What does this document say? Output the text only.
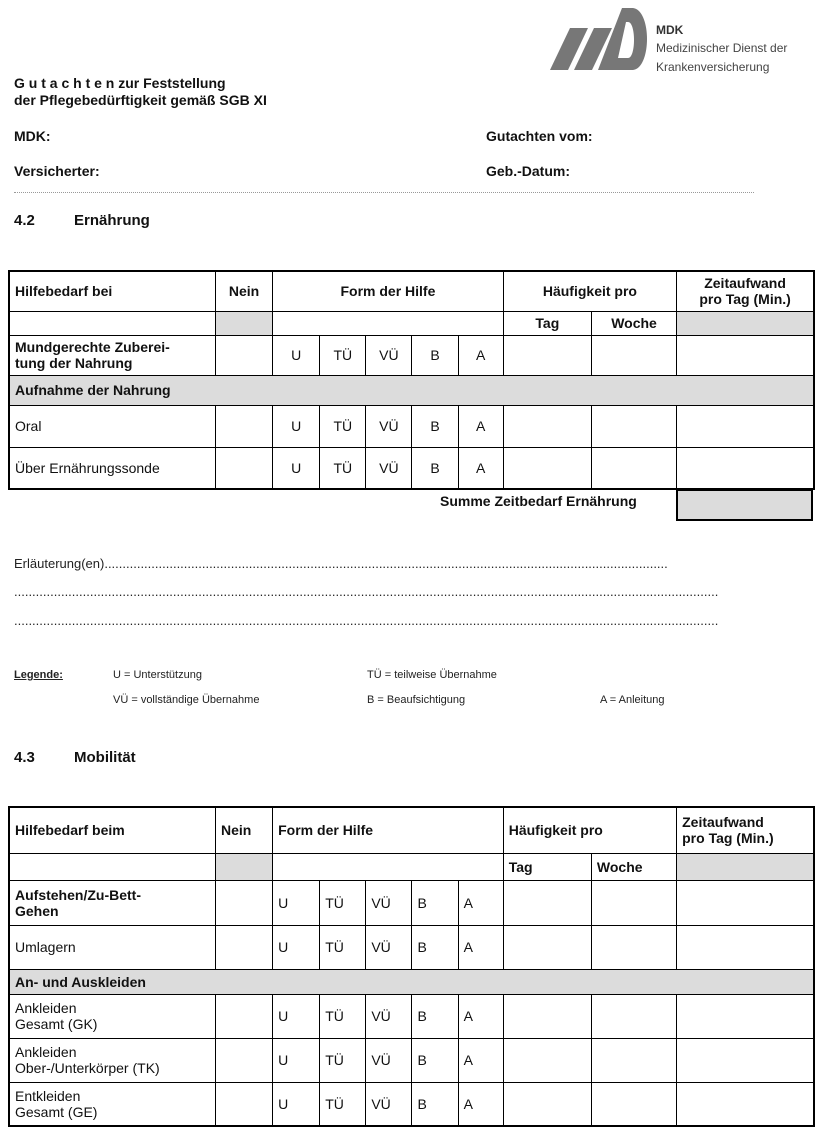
MDK
Medizinischer Dienst der
Krankenversicherung
G u t a c h t e n zur Feststellung
der Pflegebedürftigkeit gemäß SGB XI
MDK:	Gutachten vom:
Versicherter:	Geb.-Datum:
4.2	Ernährung
Hilfebedarf bei	Nein	Form der Hilfe					Häufigkeit pro		Zeitaufwand
pro Tag (Min.)
							Tag	Woche	
Mundgerechte Zuberei-
tung der Nahrung		U	TÜ	VÜ	B	A			
Aufnahme der Nahrung									
Oral		U	TÜ	VÜ	B	A			
Über Ernährungssonde		U	TÜ	VÜ	B	A			
Summe Zeitbedarf Ernährung
Erläuterung(en)............................................................................................................................................................
...................................................................................................................................................................................................
...................................................................................................................................................................................................
Legende:	U = Unterstützung	TÜ = teilweise Übernahme
VÜ = vollständige Übernahme	B = Beaufsichtigung	A = Anleitung
4.3	Mobilität
Hilfebedarf beim	Nein	Form der Hilfe					Häufigkeit pro		Zeitaufwand
pro Tag (Min.)
							Tag	Woche	
Aufstehen/Zu-Bett-
Gehen		U	TÜ	VÜ	B	A			
Umlagern		U	TÜ	VÜ	B	A			
An- und Auskleiden									
Ankleiden
Gesamt (GK)		U	TÜ	VÜ	B	A			
Ankleiden
Ober-/Unterkörper (TK)		U	TÜ	VÜ	B	A			
Entkleiden
Gesamt (GE)		U	TÜ	VÜ	B	A			
